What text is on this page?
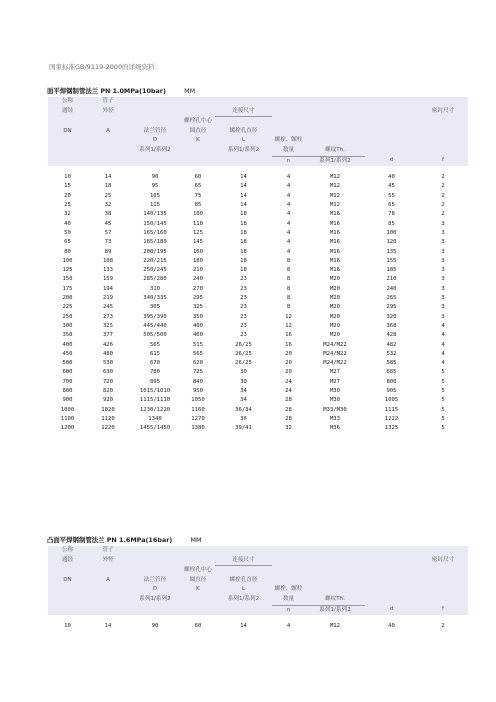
国家标准GB/9119-2000的详细资料：
面平焊钢制管法兰 PN 1.0MPa(10bar)	MM
公称	管子							
通经	外径			连接尺寸				密封尺寸
			螺栓孔中心					
DN	A	法兰管径	圆直径	螺栓孔直径				
		D	K	L	螺栓、螺柱			
		系列1/系列2		系列1/系列2	数量	螺纹Th.		
					n	系列1/系列2	d	f

10	14	90	60	14	4	M12	40	2
15	18	95	65	14	4	M12	45	2
20	25	105	75	14	4	M12	55	2
25	32	115	85	14	4	M12	65	2
32	38	140/135	100	18	4	M16	78	2
40	45	150/145	110	18	4	M16	85	3
50	57	165/160	125	18	4	M16	100	3
65	73	185/180	145	18	4	M16	120	3
80	89	200/195	160	18	4	M16	135	3
100	108	220/215	180	18	8	M16	155	3
125	133	250/245	210	18	8	M16	185	3
150	159	285/280	240	23	8	M20	210	3
175	194	310	270	23	8	M20	240	3
200	219	340/335	295	23	8	M20	265	3
225	245	365	325	23	8	M20	295	3
250	273	395/390	350	23	12	M20	320	3
300	325	445/440	400	23	12	M20	368	4
350	377	505/500	460	23	16	M20	428	4
400	426	565	515	26/25	16	M24/M22	482	4
450	480	615	565	26/25	20	M24/M22	532	4
500	530	670	620	26/25	20	M24/M22	585	4
600	630	780	725	30	20	M27	685	5
700	720	895	840	30	24	M27	800	5
800	820	1015/1010	950	34	24	M30	905	5
900	920	1115/1110	1050	34	28	M30	1005	5
1000	1020	1230/1220	1160	36/34	28	M33/M30	1115	5
1100	1120	1340	1270	36	28	M33	1222	5
1200	1220	1455/1450	1380	39/41	32	M36	1325	5
凸面平焊钢制管法兰 PN 1.6MPa(16bar)	MM
公称	管子							
通经	外径			连接尺寸				密封尺寸
			螺栓孔中心					
DN	A	法兰管径	圆直径	螺栓孔直径				
		D	K	L	螺栓、螺柱			
		系列1/系列2		系列1/系列2	数量	螺纹Th.		
					n	系列1/系列2	d	f

10	14	90	60	14	4	M12	40	2
